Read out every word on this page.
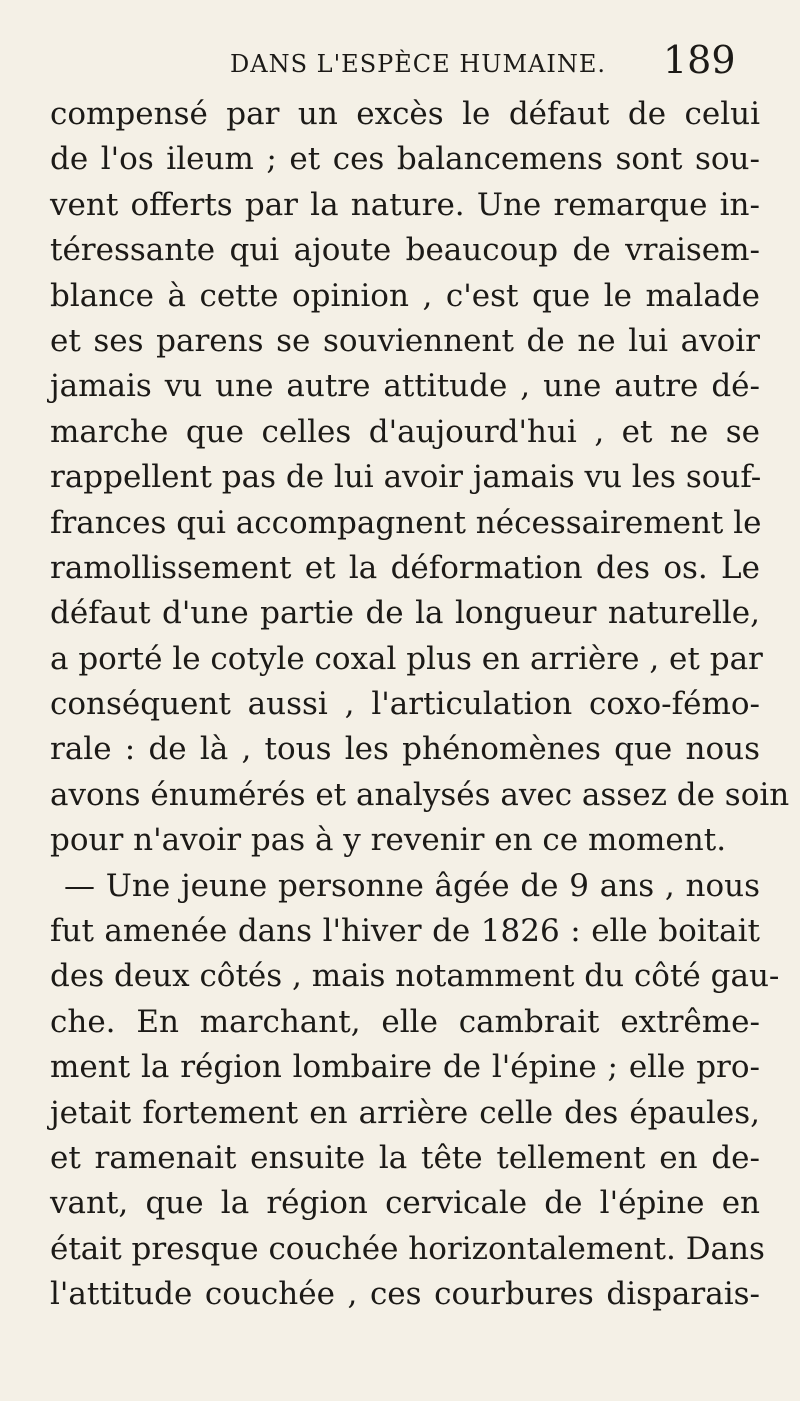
DANS L'ESPÈCE HUMAINE. 189
compensé par un excès le défaut de celui
de l'os ileum ; et ces balancemens sont sou-
vent offerts par la nature. Une remarque in-
téressante qui ajoute beaucoup de vraisem-
blance à cette opinion , c'est que le malade
et ses parens se souviennent de ne lui avoir
jamais vu une autre attitude , une autre dé-
marche que celles d'aujourd'hui , et ne se
rappellent pas de lui avoir jamais vu les souf-
frances qui accompagnent nécessairement le
ramollissement et la déformation des os. Le
défaut d'une partie de la longueur naturelle,
a porté le cotyle coxal plus en arrière , et par
conséquent aussi , l'articulation coxo-fémo-
rale : de là , tous les phénomènes que nous
avons énumérés et analysés avec assez de soin
pour n'avoir pas à y revenir en ce moment.
— Une jeune personne âgée de 9 ans , nous
fut amenée dans l'hiver de 1826 : elle boitait
des deux côtés , mais notamment du côté gau-
che. En marchant, elle cambrait extrême-
ment la région lombaire de l'épine ; elle pro-
jetait fortement en arrière celle des épaules,
et ramenait ensuite la tête tellement en de-
vant, que la région cervicale de l'épine en
était presque couchée horizontalement. Dans
l'attitude couchée , ces courbures disparais-
